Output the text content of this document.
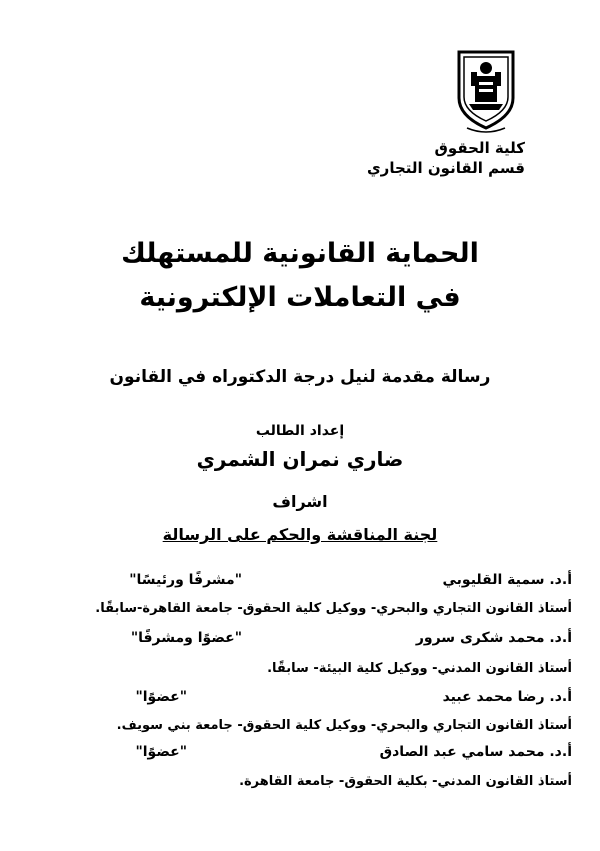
كلية الحقوق
قسم القانون التجاري
الحماية القانونية للمستهلك
في التعاملات الإلكترونية
رسالة مقدمة لنيل درجة الدكتوراه في القانون
إعداد الطالب
ضاري نمران الشمري
اشراف
لجنة المناقشة والحكم على الرسالة
أ.د. سمية القليوبي
"مشرفًا ورئيسًا"
أستاذ القانون التجاري والبحري- ووكيل كلية الحقوق- جامعة القاهرة-سابقًا.
أ.د. محمد شكرى سرور
"عضوًا ومشرفًا"
أستاذ القانون المدني- ووكيل كلية البيئة- سابقًا.
أ.د. رضا محمد عبيد
"عضوًا"
أستاذ القانون التجاري والبحري- ووكيل كلية الحقوق- جامعة بني سويف.
أ.د. محمد سامي عبد الصادق
"عضوًا"
أستاذ القانون المدني- بكلية الحقوق- جامعة القاهرة.
